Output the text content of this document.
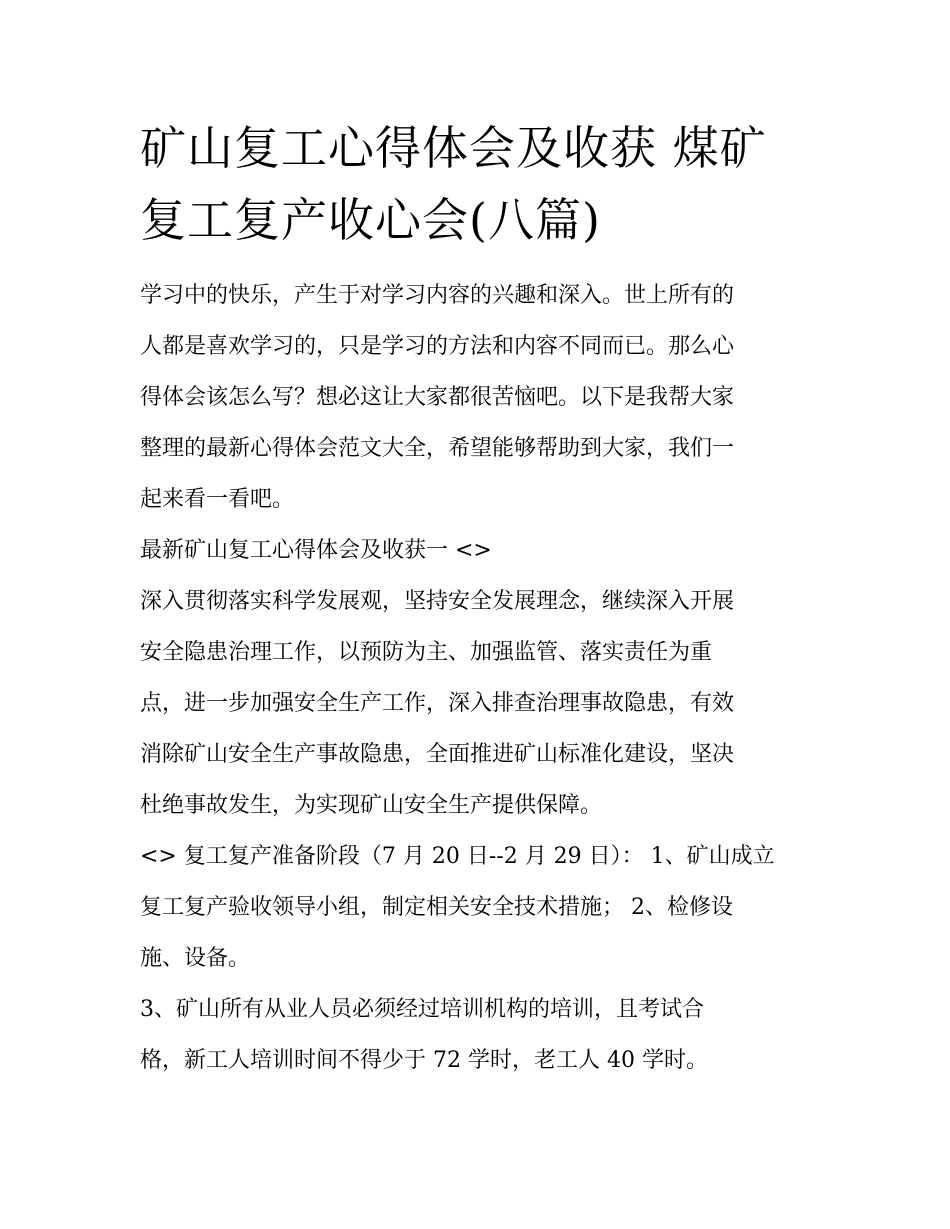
矿山复工心得体会及收获 煤矿
复工复产收心会(八篇)
学习中的快乐，产生于对学习内容的兴趣和深入。世上所有的
人都是喜欢学习的，只是学习的方法和内容不同而已。那么心
得体会该怎么写？想必这让大家都很苦恼吧。以下是我帮大家
整理的最新心得体会范文大全，希望能够帮助到大家，我们一
起来看一看吧。
最新矿山复工心得体会及收获一 <>
深入贯彻落实科学发展观，坚持安全发展理念，继续深入开展
安全隐患治理工作，以预防为主、加强监管、落实责任为重
点，进一步加强安全生产工作，深入排查治理事故隐患，有效
消除矿山安全生产事故隐患，全面推进矿山标准化建设，坚决
杜绝事故发生，为实现矿山安全生产提供保障。
<> 复工复产准备阶段（7 月 20 日--2 月 29 日）： 1、矿山成立
复工复产验收领导小组，制定相关安全技术措施； 2、检修设
施、设备。
3、矿山所有从业人员必须经过培训机构的培训，且考试合
格，新工人培训时间不得少于 72 学时，老工人 40 学时。
